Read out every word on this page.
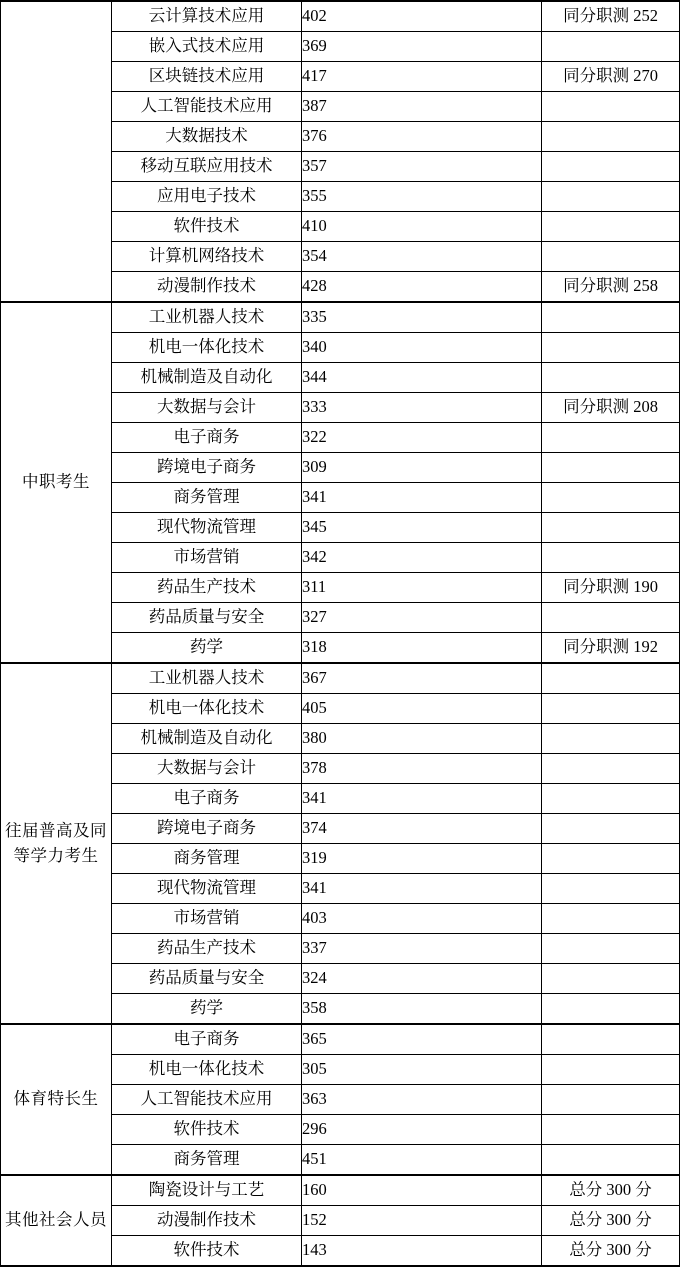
	云计算技术应用	402	同分职测 252
	嵌入式技术应用	369	
	区块链技术应用	417	同分职测 270
	人工智能技术应用	387	
	大数据技术	376	
	移动互联应用技术	357	
	应用电子技术	355	
	软件技术	410	
	计算机网络技术	354	
	动漫制作技术	428	同分职测 258

中职考生	工业机器人技术	335	
	机电一体化技术	340	
	机械制造及自动化	344	
	大数据与会计	333	同分职测 208
	电子商务	322	
	跨境电子商务	309	
	商务管理	341	
	现代物流管理	345	
	市场营销	342	
	药品生产技术	311	同分职测 190
	药品质量与安全	327	
	药学	318	同分职测 192

往届普高及同等学力考生	工业机器人技术	367	
	机电一体化技术	405	
	机械制造及自动化	380	
	大数据与会计	378	
	电子商务	341	
	跨境电子商务	374	
	商务管理	319	
	现代物流管理	341	
	市场营销	403	
	药品生产技术	337	
	药品质量与安全	324	
	药学	358	

体育特长生	电子商务	365	
	机电一体化技术	305	
	人工智能技术应用	363	
	软件技术	296	
	商务管理	451	

其他社会人员	陶瓷设计与工艺	160	总分 300 分
	动漫制作技术	152	总分 300 分
	软件技术	143	总分 300 分
